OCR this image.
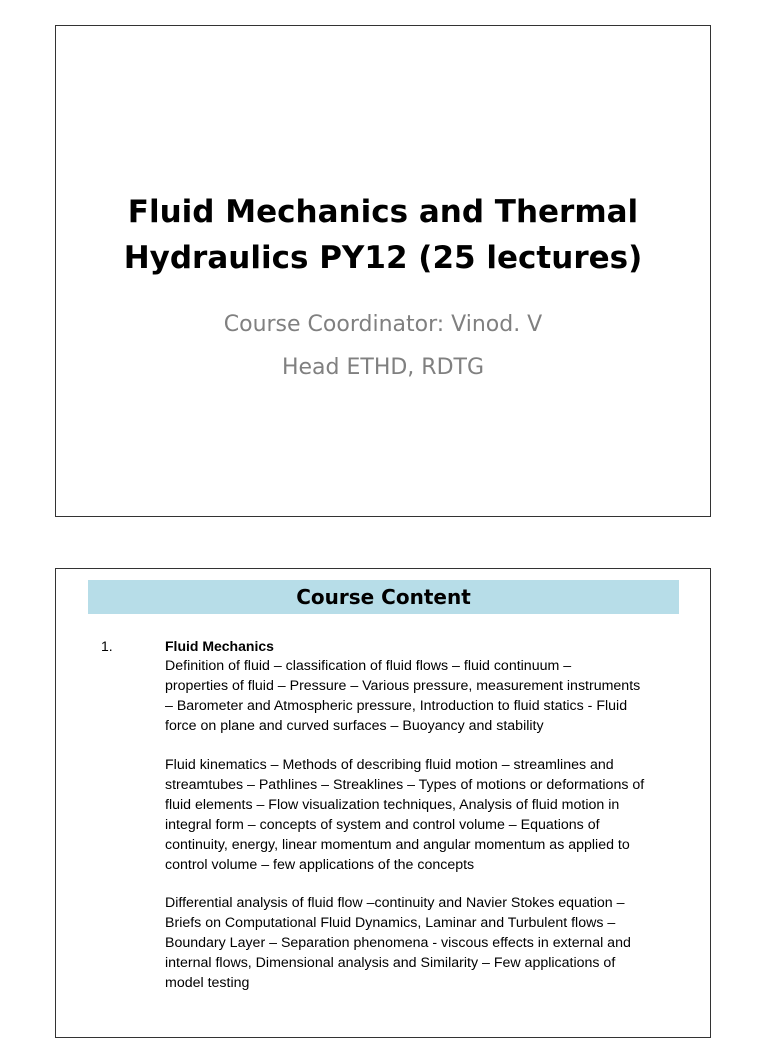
Fluid Mechanics and Thermal
Hydraulics PY12 (25 lectures)
Course Coordinator: Vinod. V
Head ETHD, RDTG
Course Content
1.	Fluid Mechanics
Definition of fluid – classification of fluid flows – fluid continuum –
properties of fluid – Pressure – Various pressure, measurement instruments
– Barometer and Atmospheric pressure, Introduction to fluid statics - Fluid
force on plane and curved surfaces – Buoyancy and stability
Fluid kinematics – Methods of describing fluid motion – streamlines and
streamtubes – Pathlines – Streaklines – Types of motions or deformations of
fluid elements – Flow visualization techniques, Analysis of fluid motion in
integral form – concepts of system and control volume – Equations of
continuity, energy, linear momentum and angular momentum as applied to
control volume – few applications of the concepts
Differential analysis of fluid flow –continuity and Navier Stokes equation –
Briefs on Computational Fluid Dynamics, Laminar and Turbulent flows –
Boundary Layer – Separation phenomena - viscous effects in external and
internal flows, Dimensional analysis and Similarity – Few applications of
model testing
